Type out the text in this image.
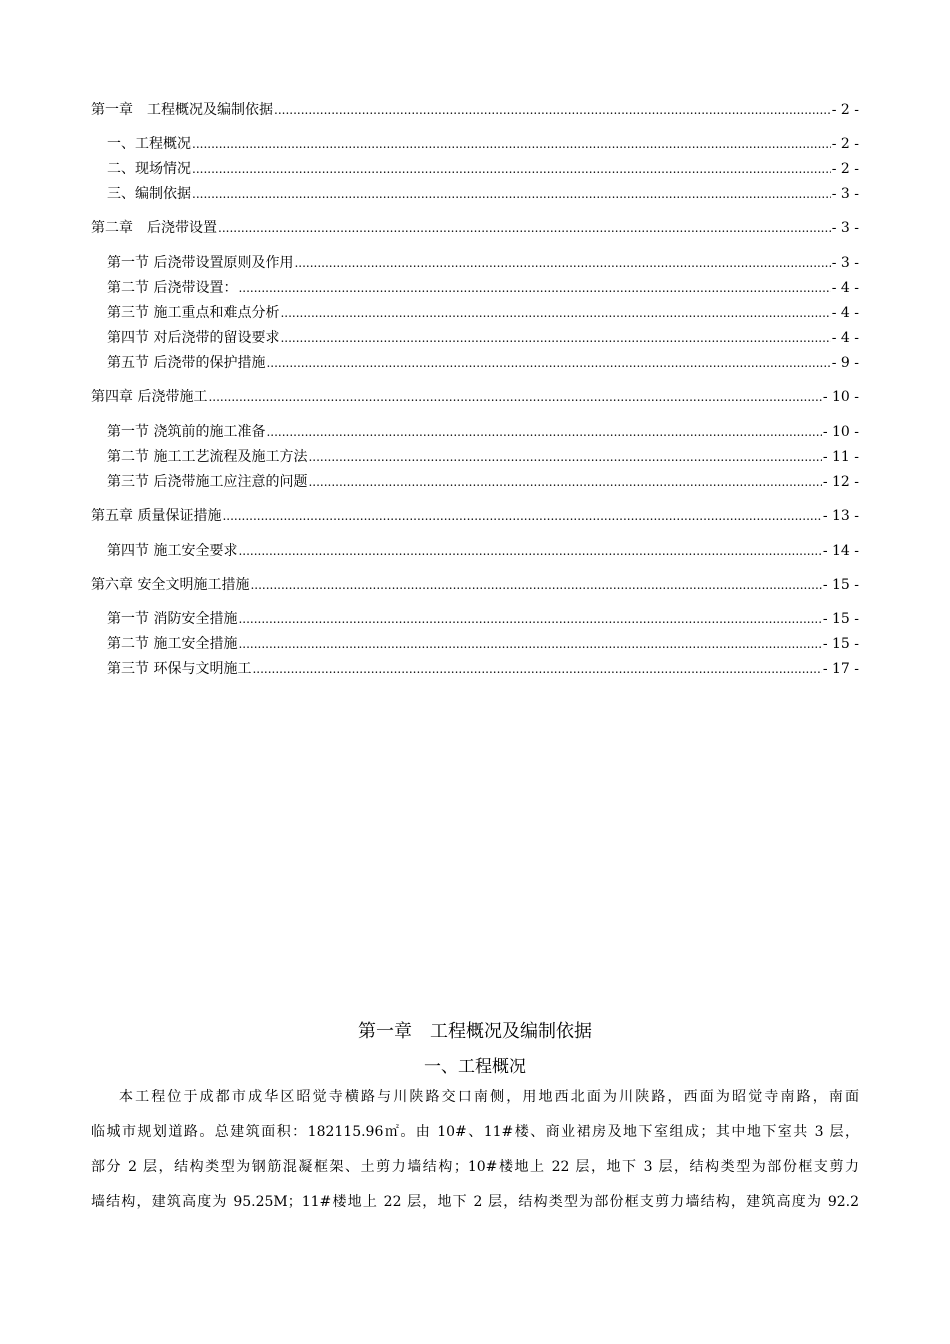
第一章　工程概况及编制依据 .....	- 2 -
一、工程概况 .....	- 2 -
二、现场情况 .....	- 2 -
三、编制依据 .....	- 3 -
第二章　后浇带设置 .....	- 3 -
第一节 后浇带设置原则及作用 .....	- 3 -
第二节 后浇带设置： .....	- 4 -
第三节 施工重点和难点分析 .....	- 4 -
第四节 对后浇带的留设要求 .....	- 4 -
第五节 后浇带的保护措施 .....	- 9 -
第四章 后浇带施工 .....	- 10 -
第一节 浇筑前的施工准备 .....	- 10 -
第二节 施工工艺流程及施工方法 .....	- 11 -
第三节 后浇带施工应注意的问题 .....	- 12 -
第五章 质量保证措施 .....	- 13 -
第四节 施工安全要求 .....	- 14 -
第六章 安全文明施工措施 .....	- 15 -
第一节 消防安全措施 .....	- 15 -
第二节 施工安全措施 .....	- 15 -
第三节 环保与文明施工 .....	- 17 -
第一章　工程概况及编制依据
一、工程概况
本工程位于成都市成华区昭觉寺横路与川陕路交口南侧，用地西北面为川陕路，西面为昭觉寺南路，南面
临城市规划道路。总建筑面积：182115.96㎡。由 10#、11#楼、商业裙房及地下室组成；其中地下室共 3 层，
部分 2 层，结构类型为钢筋混凝框架、土剪力墙结构；10#楼地上 22 层，地下 3 层，结构类型为部份框支剪力
墙结构，建筑高度为 95.25M；11#楼地上 22 层，地下 2 层，结构类型为部份框支剪力墙结构，建筑高度为 92.2
